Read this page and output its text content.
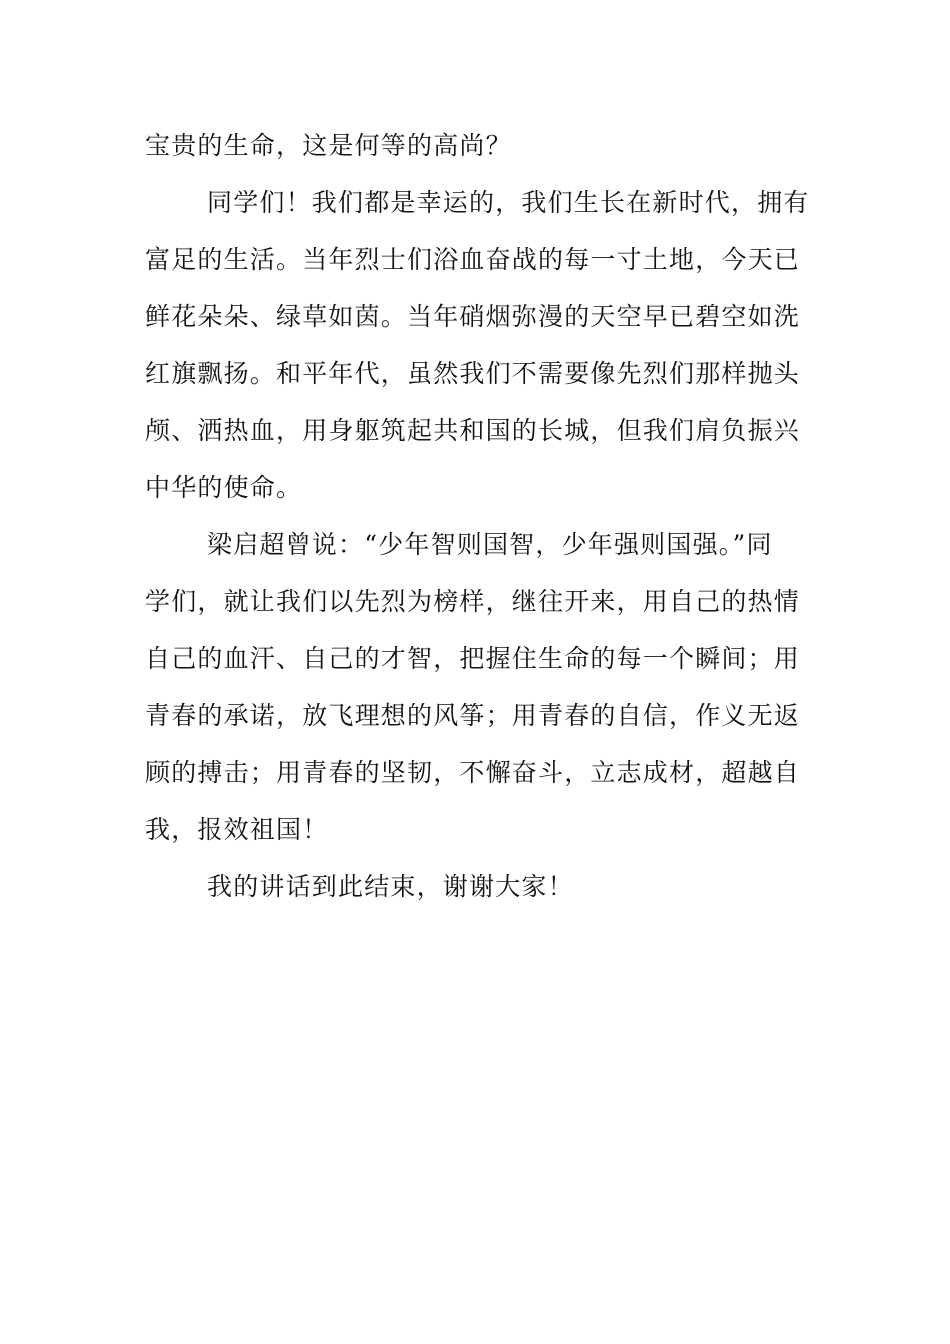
宝贵的生命，这是何等的高尚？
同学们！我们都是幸运的，我们生长在新时代，拥有
富足的生活。当年烈士们浴血奋战的每一寸土地，今天已
鲜花朵朵、绿草如茵。当年硝烟弥漫的天空早已碧空如洗
红旗飘扬。和平年代，虽然我们不需要像先烈们那样抛头
颅、洒热血，用身躯筑起共和国的长城，但我们肩负振兴
中华的使命。
梁启超曾说：“少年智则国智，少年强则国强。”同
学们，就让我们以先烈为榜样，继往开来，用自己的热情
自己的血汗、自己的才智，把握住生命的每一个瞬间；用
青春的承诺，放飞理想的风筝；用青春的自信，作义无返
顾的搏击；用青春的坚韧，不懈奋斗，立志成材，超越自
我，报效祖国！
我的讲话到此结束，谢谢大家！
